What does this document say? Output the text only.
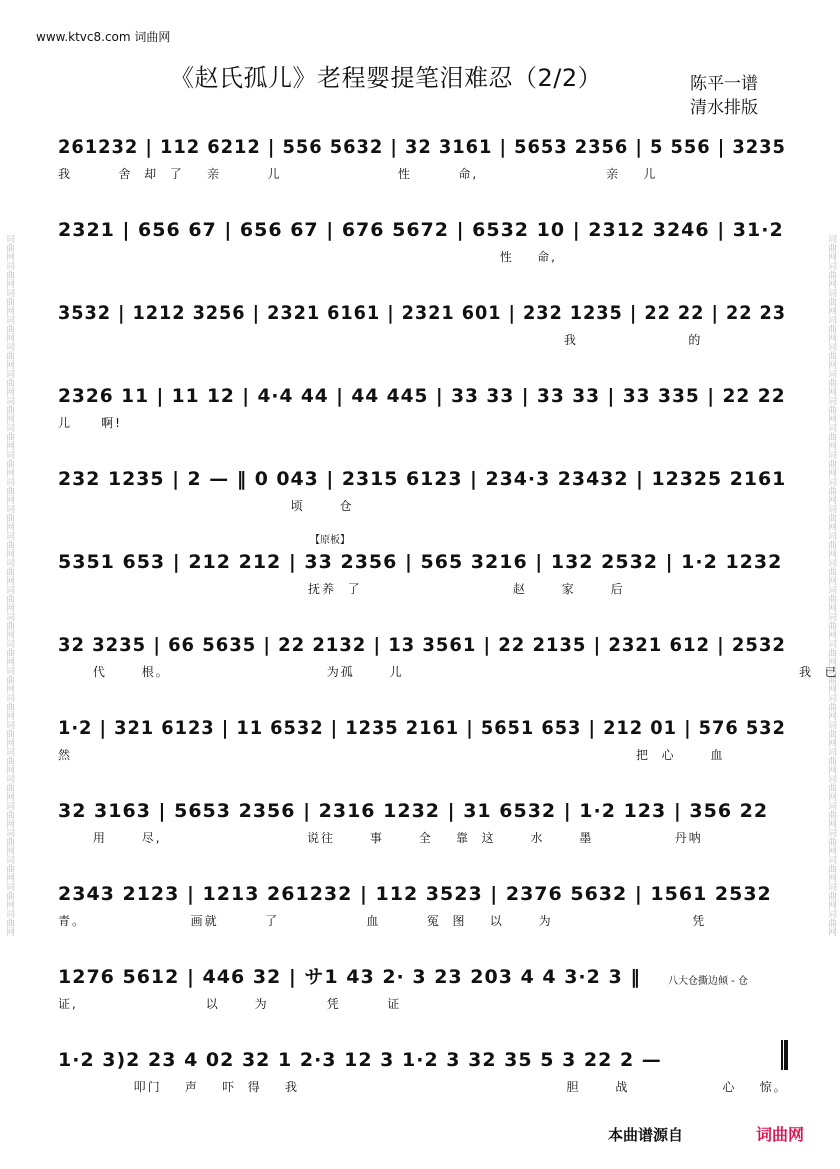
词曲网词曲网词曲网词曲网词曲网词曲网词曲网词曲网词曲网词曲网词曲网词曲网词曲网词曲网词曲网词曲网词曲网词曲网词曲网词曲网词曲网词曲网词曲网词曲网词曲网词曲网	词曲网词曲网词曲网词曲网词曲网词曲网词曲网词曲网词曲网词曲网词曲网词曲网词曲网词曲网词曲网词曲网词曲网词曲网词曲网词曲网词曲网词曲网词曲网词曲网词曲网词曲网
www.ktvc8.com 词曲网
《赵氏孤儿》老程婴提笔泪难忍（2/2）	陈平一谱
清水排版
261232 | 112 6212 | 556 5632 | 32 3161 | 5653 2356 | 5 556 | 3235
我        舍  却  了    亲        儿                    性        命,                      亲    儿
2321 | 656 67 | 656 67 | 676 5672 | 6532 10 | 2312 3246 | 31·2
性    命,
3532 | 1212 3256 | 2321 6161 | 2321 601 | 232 1235 | 22 22 | 22 23
我                   的
2326 11 | 11 12 | 4·4 44 | 44 445 | 33 33 | 33 33 | 33 335 | 22 22
儿     啊!
232 1235 | 2 — ‖ 0 043 | 2315 6123 | 234·3 23432 | 12325 2161
顷      仓
5351 653 | 212 212 | 33 2356 | 565 3216 | 132 2532 | 1·2 1232
抚养  了                          赵      家      后
【原板】
32 3235 | 66 5635 | 22 2132 | 13 3561 | 22 2135 | 2321 612 | 2532
代      根。                           为孤      儿                                                                    我  已
1·2 | 321 6123 | 11 6532 | 1235 2161 | 5651 653 | 212 01 | 576 532
然                                                                                                 把  心      血
32 3163 | 5653 2356 | 2316 1232 | 31 6532 | 1·2 123 | 356 22
用      尽,                         说往      事      全    靠  这      水      墨              丹呐
2343 2123 | 1213 261232 | 112 3523 | 2376 5632 | 1561 2532
青。                  画就        了               血        冤  图    以      为                        凭
1276 5612 | 446 32 | サ1 43 2· 3 23 203 4 4 3·2 3 ‖
证,                      以      为          凭        证
八大仓撕边倾 - 仓
1·2 3)2 23 4 02 32 1 2·3 12 3 1·2 3 32 35 5 3 22 2 —
叩门    声    吓  得    我                                              胆      战                心    惊。
本曲谱源自	词曲网
